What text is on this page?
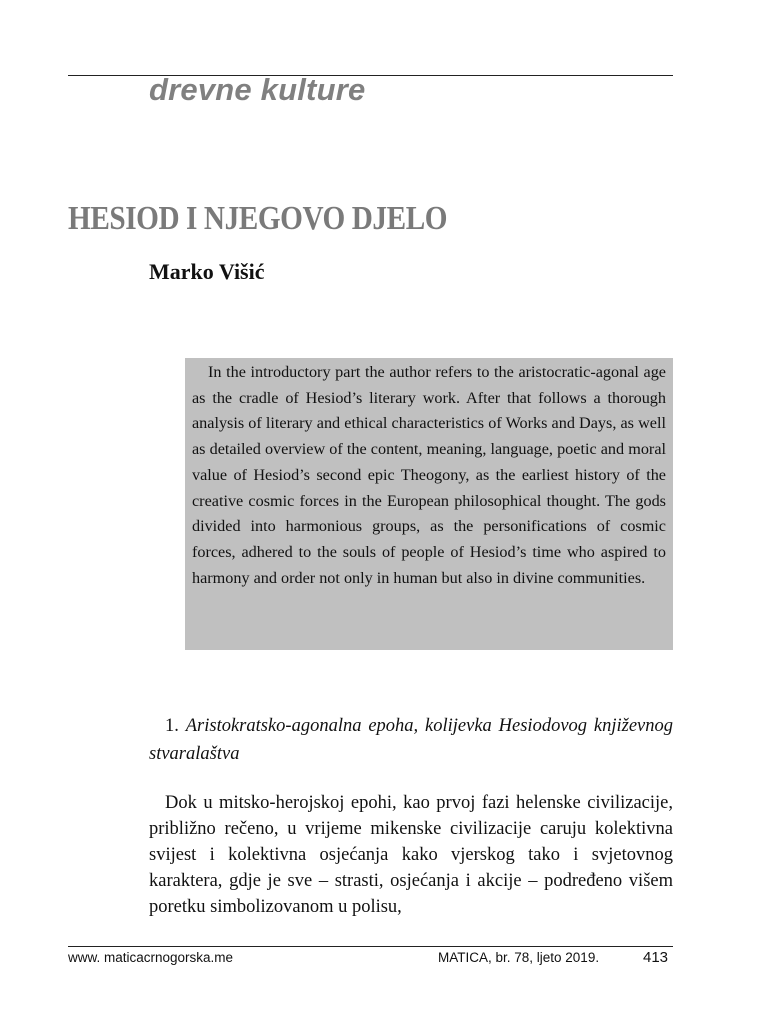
drevne kulture
HESIOD I NJEGOVO DJELO
Marko Višić

In the introductory part the author refers to the aristocratic-agonal age as the cradle of Hesiod’s literary work. After that follows a thorough analysis of literary and ethical characteristics of Works and Days, as well as detailed overview of the content, meaning, language, poetic and moral value of Hesiod’s second epic Theogony, as the earliest history of the creative cosmic forces in the European philosophical thought. The gods divided into harmonious groups, as the personifications of cosmic forces, adhered to the souls of people of Hesiod’s time who aspired to harmony and order not only in human but also in divine communities.

1. Aristokratsko-agonalna epoha, kolijevka Hesiodovog književnog stvaralaštva

Dok u mitsko-herojskoj epohi, kao prvoj fazi helenske civilizacije, približno rečeno, u vrijeme mikenske civilizacije caruju kolektivna svijest i kolektivna osjećanja kako vjerskog tako i svjetovnog karaktera, gdje je sve – strasti, osjećanja i akcije – podređeno višem poretku simbolizovanom u polisu,

www. maticacrnogorska.me	MATICA, br. 78, ljeto 2019.	413
